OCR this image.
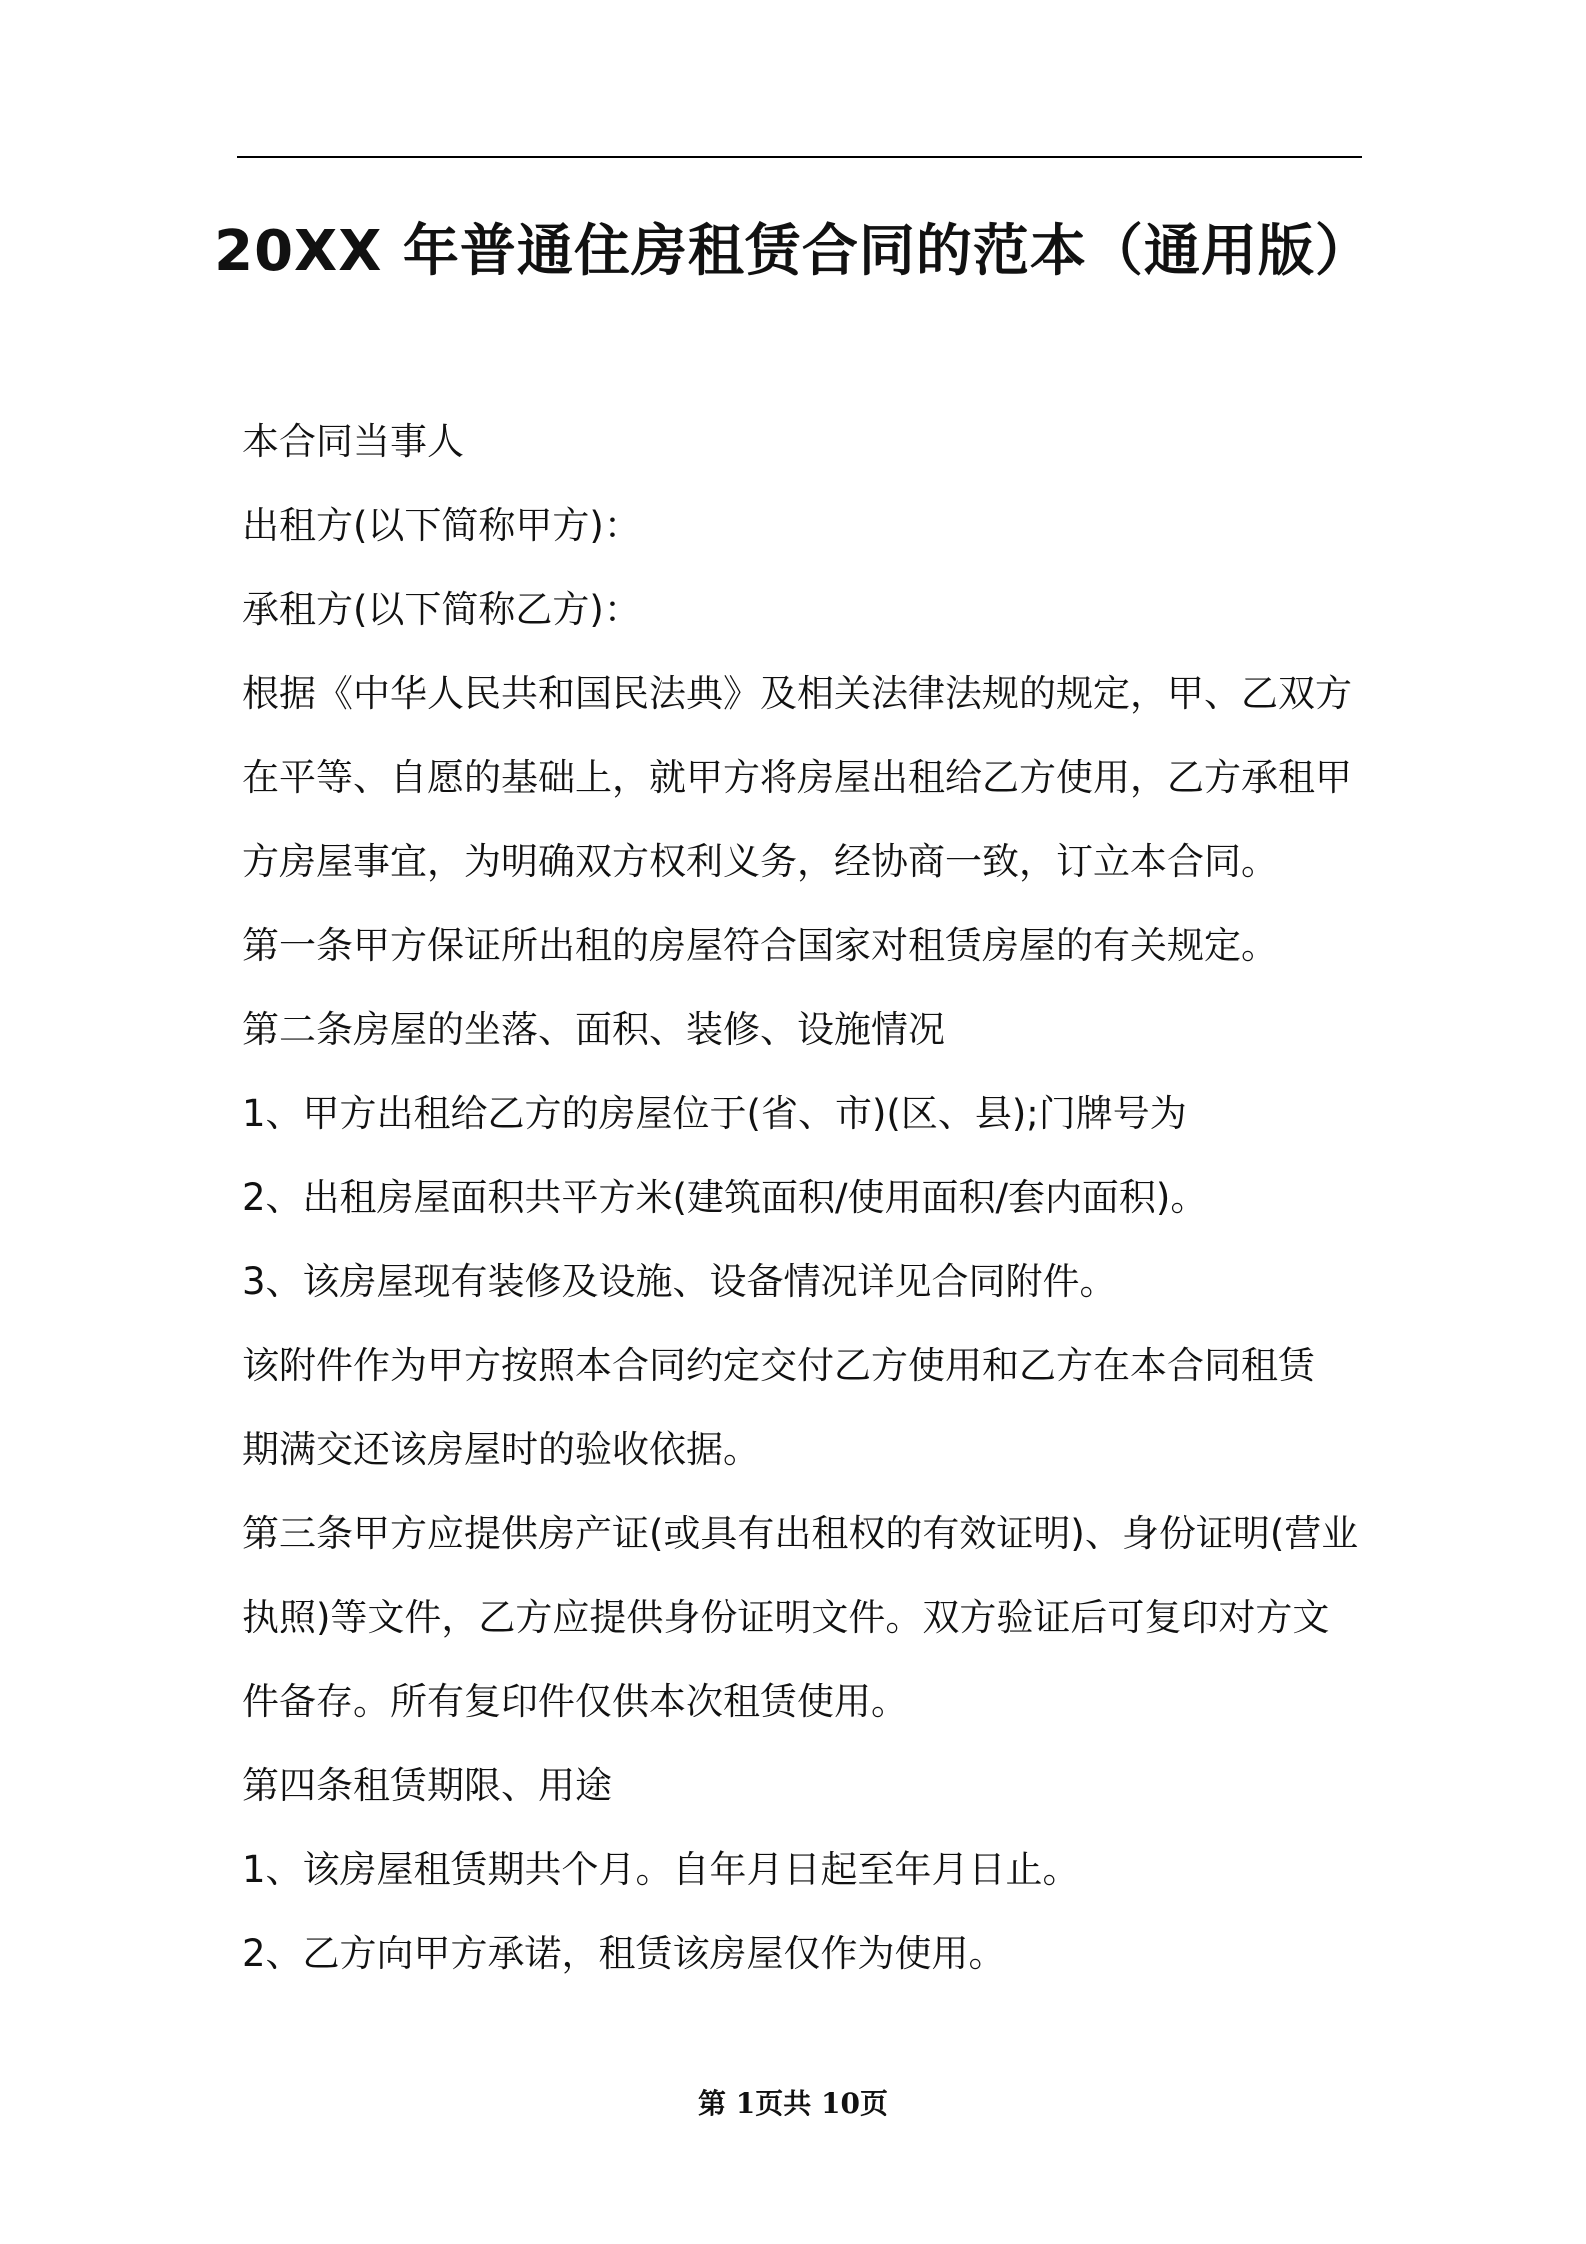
20XX 年普通住房租赁合同的范本（通用版）

本合同当事人

出租方(以下简称甲方)：

承租方(以下简称乙方)：

根据《中华人民共和国民法典》及相关法律法规的规定，甲、乙双方

在平等、自愿的基础上，就甲方将房屋出租给乙方使用，乙方承租甲

方房屋事宜，为明确双方权利义务，经协商一致，订立本合同。

第一条甲方保证所出租的房屋符合国家对租赁房屋的有关规定。

第二条房屋的坐落、面积、装修、设施情况

1、甲方出租给乙方的房屋位于(省、市)(区、县);门牌号为

2、出租房屋面积共平方米(建筑面积/使用面积/套内面积)。

3、该房屋现有装修及设施、设备情况详见合同附件。

该附件作为甲方按照本合同约定交付乙方使用和乙方在本合同租赁

期满交还该房屋时的验收依据。

第三条甲方应提供房产证(或具有出租权的有效证明)、身份证明(营业

执照)等文件，乙方应提供身份证明文件。双方验证后可复印对方文

件备存。所有复印件仅供本次租赁使用。

第四条租赁期限、用途

1、该房屋租赁期共个月。自年月日起至年月日止。

2、乙方向甲方承诺，租赁该房屋仅作为使用。

第 1页共 10页
